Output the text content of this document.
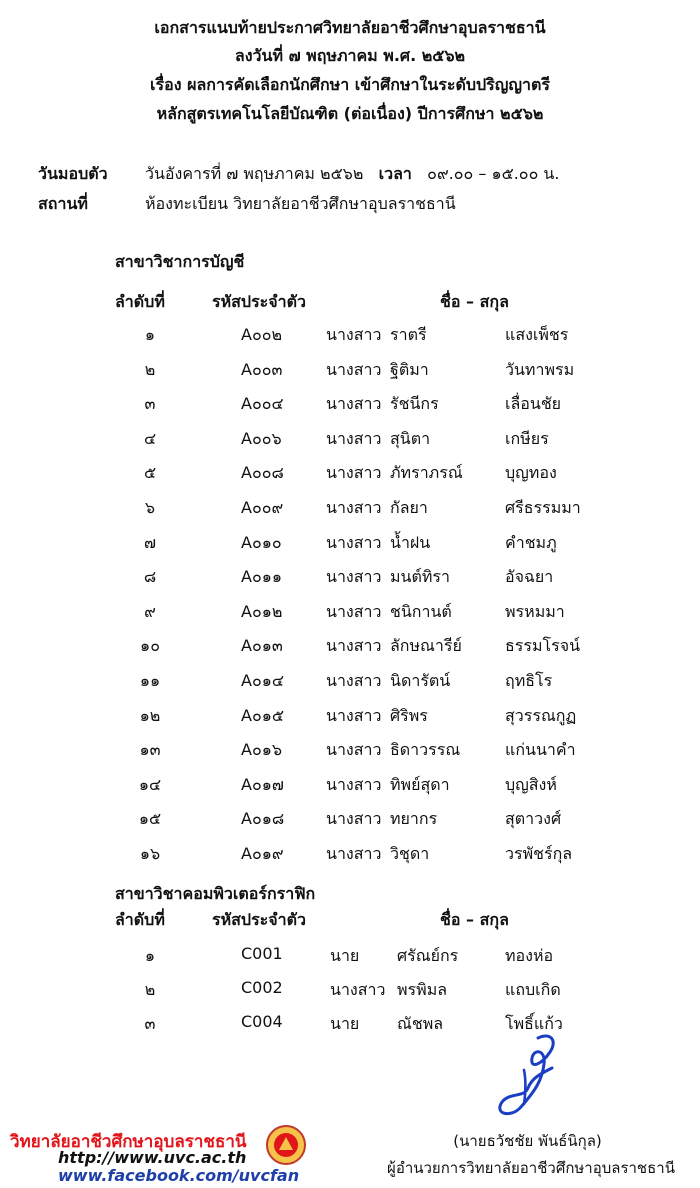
เอกสารแนบท้ายประกาศวิทยาลัยอาชีวศึกษาอุบลราชธานี
ลงวันที่ ๗ พฤษภาคม พ.ศ. ๒๕๖๒
เรื่อง ผลการคัดเลือกนักศึกษา เข้าศึกษาในระดับปริญญาตรี
หลักสูตรเทคโนโลยีบัณฑิต (ต่อเนื่อง) ปีการศึกษา ๒๕๖๒
วันมอบตัว วันอังคารที่ ๗ พฤษภาคม ๒๕๖๒ เวลา ๐๙.๐๐ – ๑๕.๐๐ น.
สถานที่	ห้องทะเบียน วิทยาลัยอาชีวศึกษาอุบลราชธานี
สาขาวิชาการบัญชี
ลำดับที่	รหัสประจำตัว	ชื่อ – สกุล
๑	A๐๐๒	นางสาว ราตรี	แสงเพ็ชร
๒	A๐๐๓	นางสาว ฐิติมา	วันทาพรม
๓	A๐๐๔	นางสาว รัชนีกร	เลื่อนชัย
๔	A๐๐๖	นางสาว สุนิตา	เกษียร
๕	A๐๐๘	นางสาว ภัทราภรณ์	บุญทอง
๖	A๐๐๙	นางสาว กัลยา	ศรีธรรมมา
๗	A๐๑๐	นางสาว น้ำฝน	คำชมภู
๘	A๐๑๑	นางสาว มนต์ทิรา	อัจฉยา
๙	A๐๑๒	นางสาว ชนิกานต์	พรหมมา
๑๐	A๐๑๓	นางสาว ลักษณารีย์	ธรรมโรจน์
๑๑	A๐๑๔	นางสาว นิดารัตน์	ฤทธิโร
๑๒	A๐๑๕	นางสาว ศิริพร	สุวรรณกูฏ
๑๓	A๐๑๖	นางสาว ธิดาวรรณ	แก่นนาคำ
๑๔	A๐๑๗	นางสาว ทิพย์สุดา	บุญสิงห์
๑๕	A๐๑๘	นางสาว ทยากร	สุตาวงศ์
๑๖	A๐๑๙	นางสาว วิชุดา	วรพัชร์กุล
สาขาวิชาคอมพิวเตอร์กราฟิก
ลำดับที่	รหัสประจำตัว	ชื่อ – สกุล
๑	C001	นาย ศรัณย์กร	ทองห่อ
๒	C002	นางสาว พรพิมล	แถบเกิด
๓	C004	นาย ณัชพล	โพธิ์แก้ว
(นายธวัชชัย พันธ์นิกุล)
ผู้อำนวยการวิทยาลัยอาชีวศึกษาอุบลราชธานี
วิทยาลัยอาชีวศึกษาอุบลราชธานี
http://www.uvc.ac.th
www.facebook.com/uvcfan
